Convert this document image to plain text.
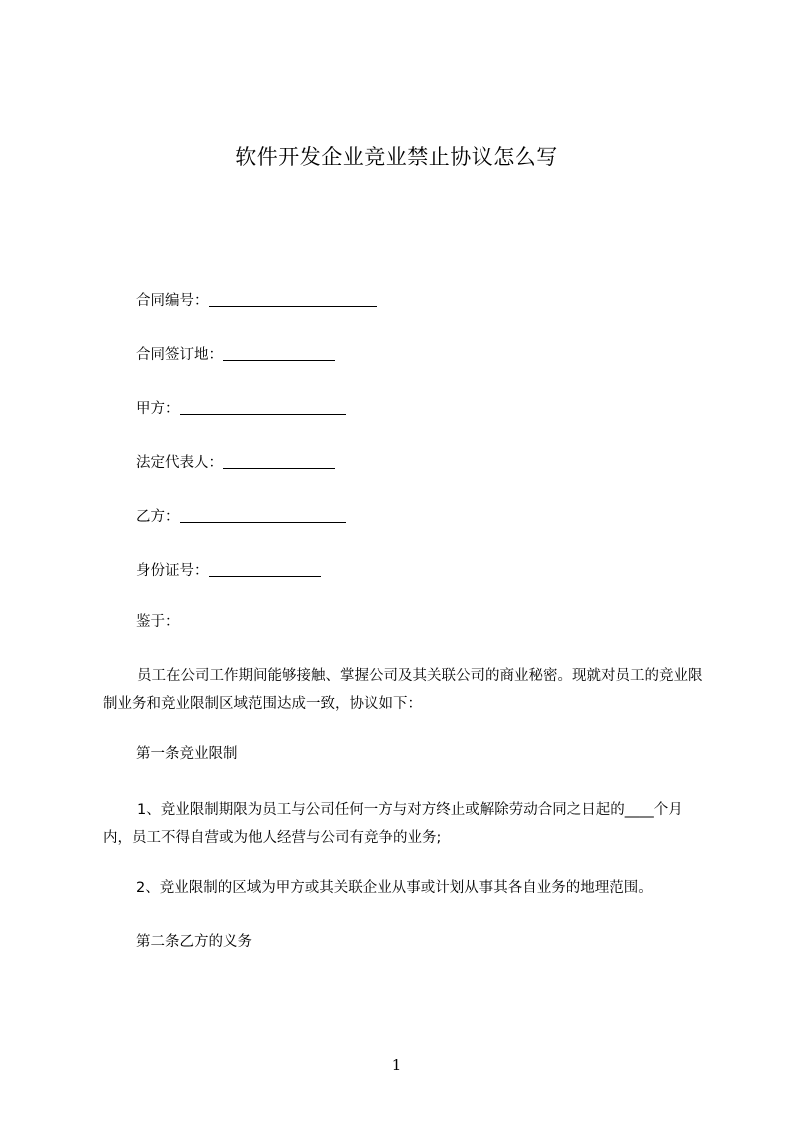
软件开发企业竞业禁止协议怎么写
合同编号：
合同签订地：
甲方：
法定代表人：
乙方：
身份证号：
鉴于：
员工在公司工作期间能够接触、掌握公司及其关联公司的商业秘密。现就对员工的竞业限制业务和竞业限制区域范围达成一致，协议如下：
第一条竞业限制
1、竞业限制期限为员工与公司任何一方与对方终止或解除劳动合同之日起的____个月内，员工不得自营或为他人经营与公司有竞争的业务;
2、竞业限制的区域为甲方或其关联企业从事或计划从事其各自业务的地理范围。
第二条乙方的义务
1
